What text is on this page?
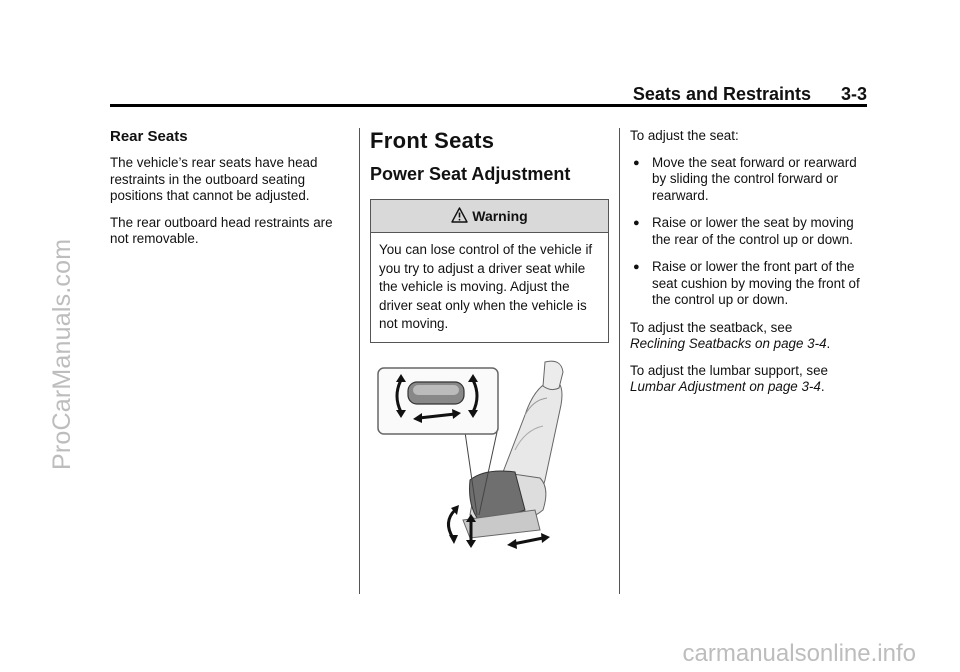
ProCarManuals.com
Seats and Restraints 3-3
Rear Seats

The vehicle’s rear seats have head restraints in the outboard seating positions that cannot be adjusted.

The rear outboard head restraints are not removable.

Front Seats
Power Seat Adjustment
Warning
You can lose control of the vehicle if you try to adjust a driver seat while the vehicle is moving. Adjust the driver seat only when the vehicle is not moving.

To adjust the seat:

● Move the seat forward or rearward by sliding the control forward or rearward.
● Raise or lower the seat by moving the rear of the control up or down.
● Raise or lower the front part of the seat cushion by moving the front of the control up or down.

To adjust the seatback, see
Reclining Seatbacks on page 3-4.

To adjust the lumbar support, see
Lumbar Adjustment on page 3-4.

carmanualsonline.info
